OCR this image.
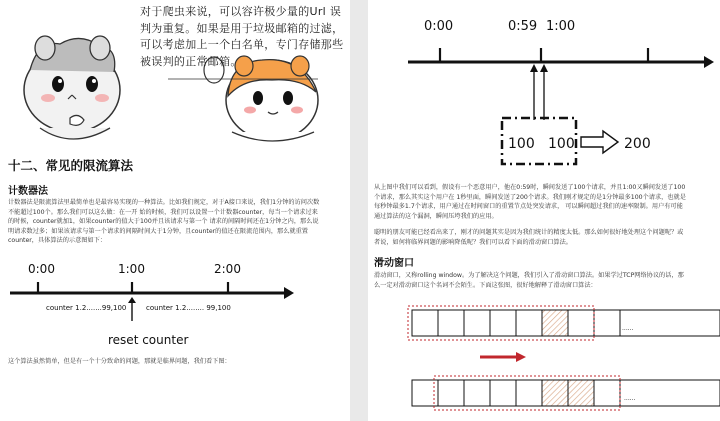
对于爬虫来说，可以容许极少量的Url 误
判为重复。如果是用于垃圾邮箱的过滤，
可以考虑加上一个白名单，专门存储那些
被误判的正常邮箱。
十二、常见的限流算法
计数器法
计数器法是限流算法里最简单也是最容易实现的一种算法。比如我们规定，对于A接口来说，我们1分钟的访问次数
不能超过100个。那么我们可以这么做：在一开 始的时候，我们可以设置一个计数器counter，每当一个请求过来
的时候，counter就加1，如果counter的值大于100并且该请求与第一个 请求的间隔时间还在1分钟之内，那么说
明请求数过多；如果该请求与第一个请求的间隔时间大于1分钟，且counter的值还在限流范围内，那么就重置
counter，具体算法的示意图如下：
0:00	1:00	2:00
counter 1.2.......99,100	counter 1.2........ 99,100
reset counter
这个算法虽然简单，但是有一个十分致命的问题，那就是临界问题，我们看下图：
0:00	0:59 1:00
100 100	200
从上图中我们可以看到，假设有一个恶意用户，他在0:59时，瞬间发送了100个请求，并且1:00又瞬间发送了100
个请求，那么其实这个用户在 1秒里面，瞬间发送了200个请求。我们刚才规定的是1分钟最多100个请求，也就是
每秒钟最多1.7个请求，用户通过在时间窗口的重置节点处突发请求， 可以瞬间超过我们的速率限制。用户有可能
通过算法的这个漏洞，瞬间压垮我们的应用。
聪明的朋友可能已经看出来了，刚才的问题其实是因为我们统计的精度太低。那么如何很好地处理这个问题呢？或
者说，如何将临界问题的影响降低呢？我们可以看下面的滑动窗口算法。
滑动窗口
滑动窗口，又称rolling window。为了解决这个问题，我们引入了滑动窗口算法。如果学过TCP网络协议的话，那
么一定对滑动窗口这个名词不会陌生。下面这张图，很好地解释了滑动窗口算法：
......
......
